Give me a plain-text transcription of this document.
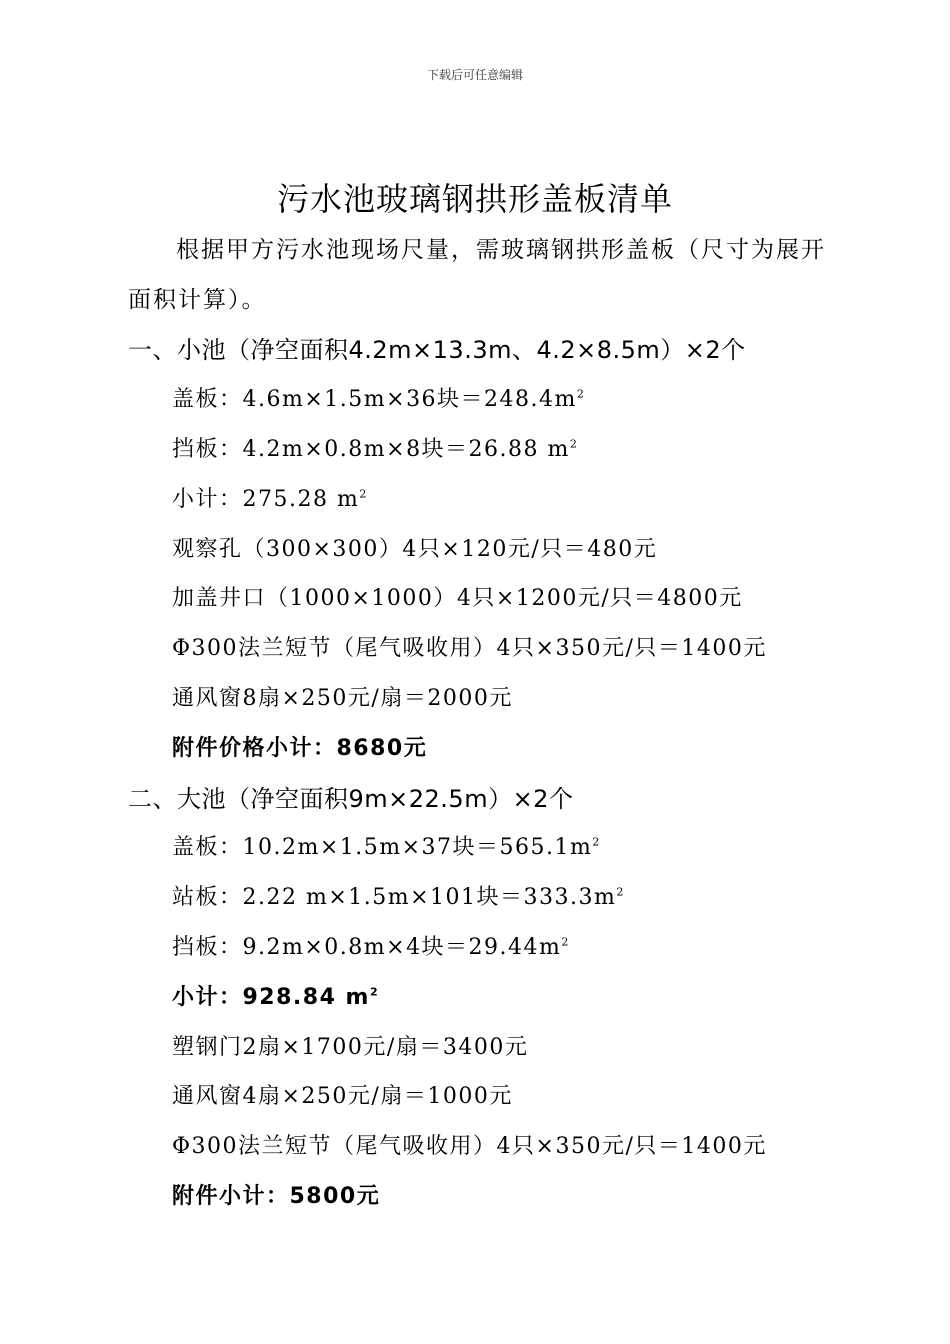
下载后可任意编辑
污水池玻璃钢拱形盖板清单
根据甲方污水池现场尺量，需玻璃钢拱形盖板（尺寸为展开面积计算）。
一、小池（净空面积4.2m×13.3m、4.2×8.5m）×2个
盖板：4.6m×1.5m×36块$=248.4m^2$
挡板：4.2m×0.8m×8块＝26.88 $m^2$
小计：275.28 $m^2$
观察孔（300×300）4只×120元/只＝480元
加盖井口（1000×1000）4只×1200元/只＝4800元
Φ300法兰短节（尾气吸收用）4只×350元/只＝1400元
通风窗8扇×250元/扇＝2000元
附件价格小计：8680元
二、大池（净空面积9m×22.5m）×2个
盖板：10.2m×1.5m×37块$=565.1m^2$
站板：2.22 m×1.5m×101块$=333.3m^2$
挡板：9.2m×0.8m×4块$=29.44m^2$
小计：928.84 $m^2$
塑钢门2扇×1700元/扇＝3400元
通风窗4扇×250元/扇＝1000元
Φ300法兰短节（尾气吸收用）4只×350元/只＝1400元
附件小计：5800元
